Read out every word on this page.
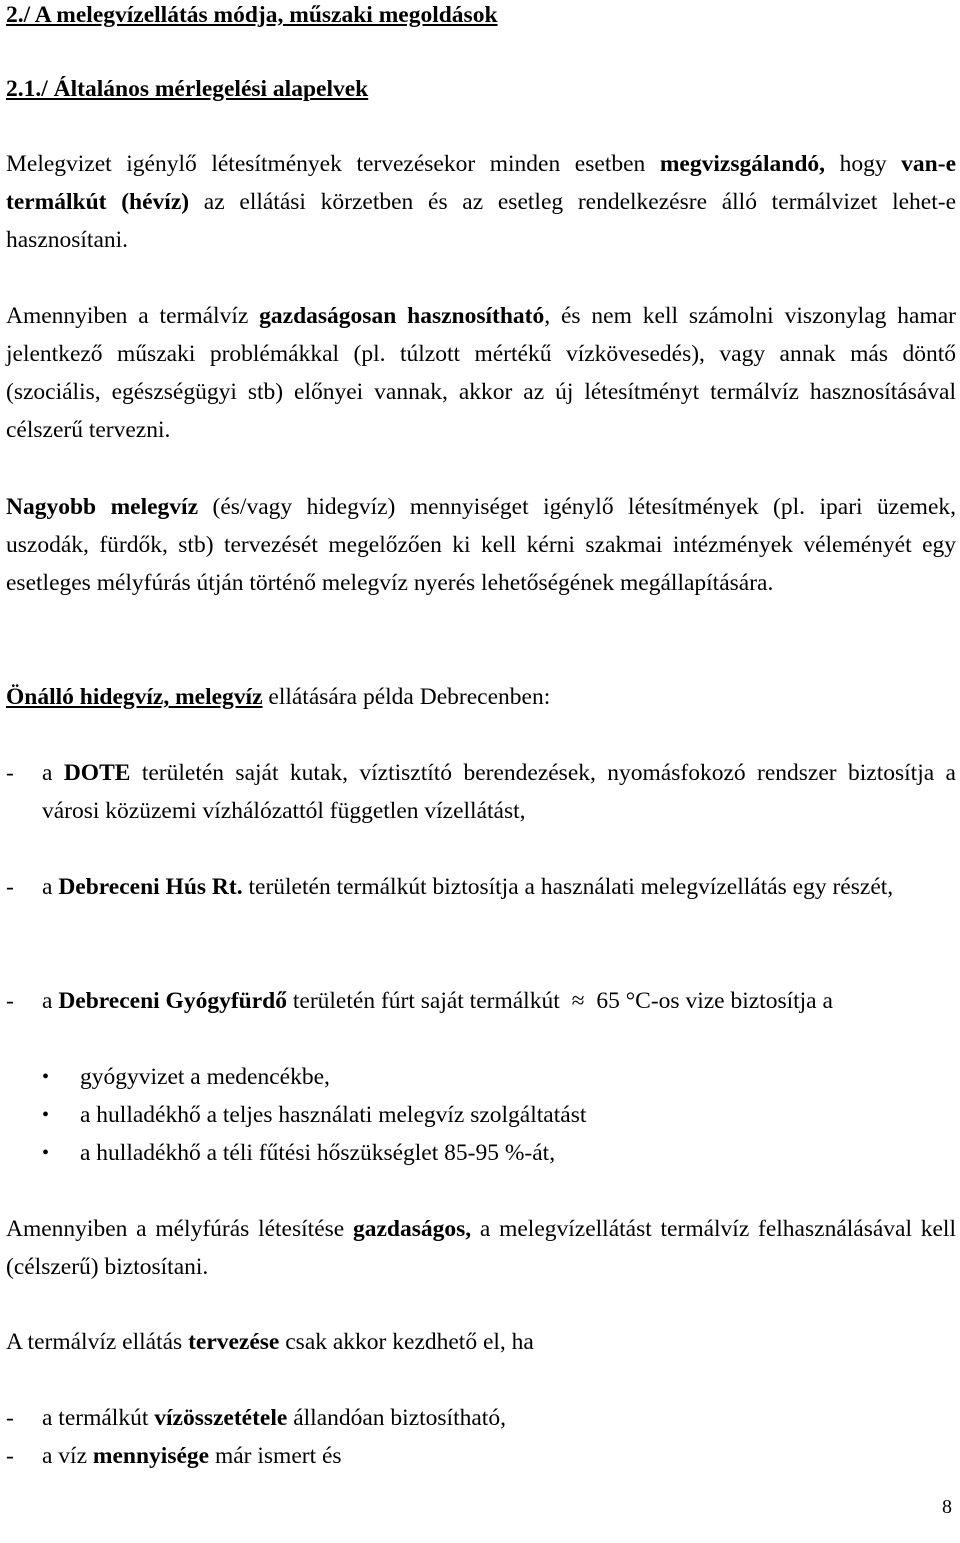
2./ A melegvízellátás módja, műszaki megoldások
2.1./ Általános mérlegelési alapelvek
Melegvizet igénylő létesítmények tervezésekor minden esetben megvizsgálandó, hogy van-e termálkút (hévíz) az ellátási körzetben és az esetleg rendelkezésre álló termálvizet lehet-e hasznosítani.
Amennyiben a termálvíz gazdaságosan hasznosítható, és nem kell számolni viszonylag hamar jelentkező műszaki problémákkal (pl. túlzott mértékű vízkövesedés), vagy annak más döntő (szociális, egészségügyi stb) előnyei vannak, akkor az új létesítményt termálvíz hasznosításával célszerű tervezni.
Nagyobb melegvíz (és/vagy hidegvíz) mennyiséget igénylő létesítmények (pl. ipari üzemek, uszodák, fürdők, stb) tervezését megelőzően ki kell kérni szakmai intézmények véleményét egy esetleges mélyfúrás útján történő melegvíz nyerés lehetőségének megállapítására.
Önálló hidegvíz, melegvíz ellátására példa Debrecenben:
- a DOTE területén saját kutak, víztisztító berendezések, nyomásfokozó rendszer biztosítja a városi közüzemi vízhálózattól független vízellátást,
- a Debreceni Hús Rt. területén termálkút biztosítja a használati melegvízellátás egy részét,
- a Debreceni Gyógyfürdő területén fúrt saját termálkút ≈ 65 °C-os vize biztosítja a
• gyógyvizet a medencékbe,
• a hulladékhő a teljes használati melegvíz szolgáltatást
• a hulladékhő a téli fűtési hőszükséglet 85-95 %-át,
Amennyiben a mélyfúrás létesítése gazdaságos, a melegvízellátást termálvíz felhasználásával kell (célszerű) biztosítani.
A termálvíz ellátás tervezése csak akkor kezdhető el, ha
- a termálkút vízösszetétele állandóan biztosítható,
- a víz mennyisége már ismert és
8
